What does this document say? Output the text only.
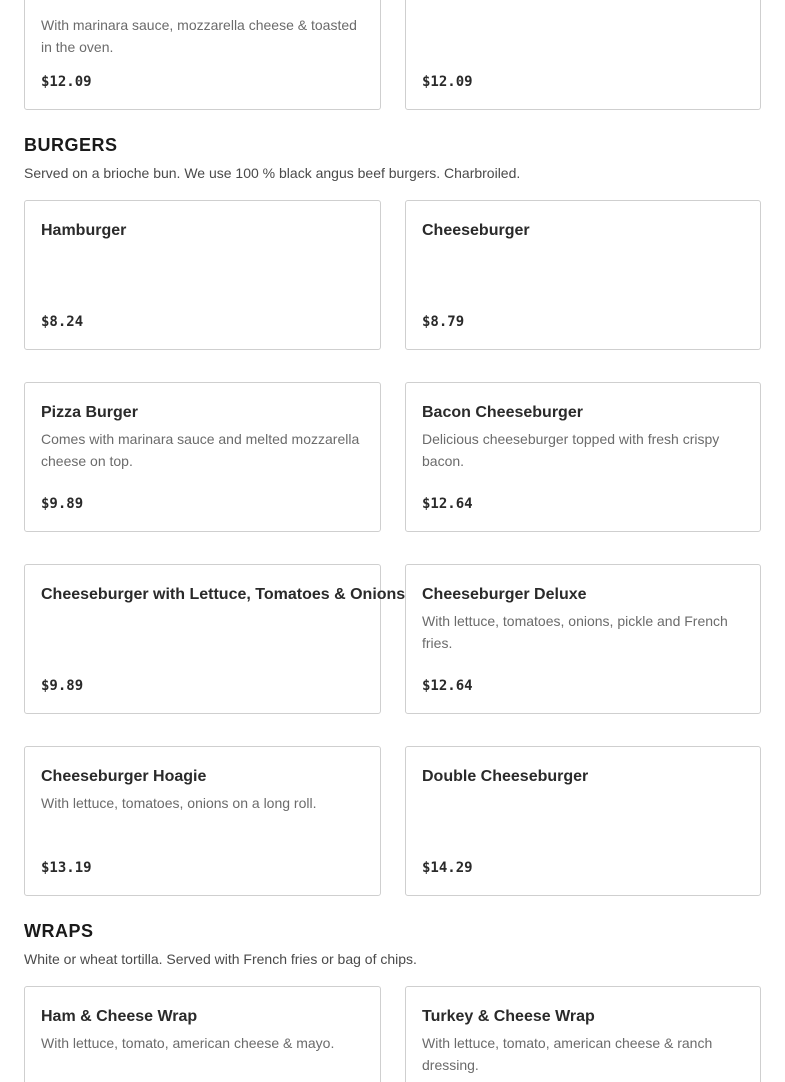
With marinara sauce, mozzarella cheese & toasted in the oven.
$12.09	$12.09
BURGERS

Served on a brioche bun. We use 100 % black angus beef burgers. Charbroiled.

Hamburger
$8.24
Cheeseburger
$8.79
Pizza Burger
Comes with marinara sauce and melted mozzarella cheese on top.
$9.89
Bacon Cheeseburger
Delicious cheeseburger topped with fresh crispy bacon.
$12.64
Cheeseburger with Lettuce, Tomatoes & Onions
$9.89
Cheeseburger Deluxe
With lettuce, tomatoes, onions, pickle and French fries.
$12.64
Cheeseburger Hoagie
With lettuce, tomatoes, onions on a long roll.
$13.19
Double Cheeseburger
$14.29
WRAPS

White or wheat tortilla. Served with French fries or bag of chips.

Ham & Cheese Wrap
With lettuce, tomato, american cheese & mayo.
Turkey & Cheese Wrap
With lettuce, tomato, american cheese & ranch dressing.
